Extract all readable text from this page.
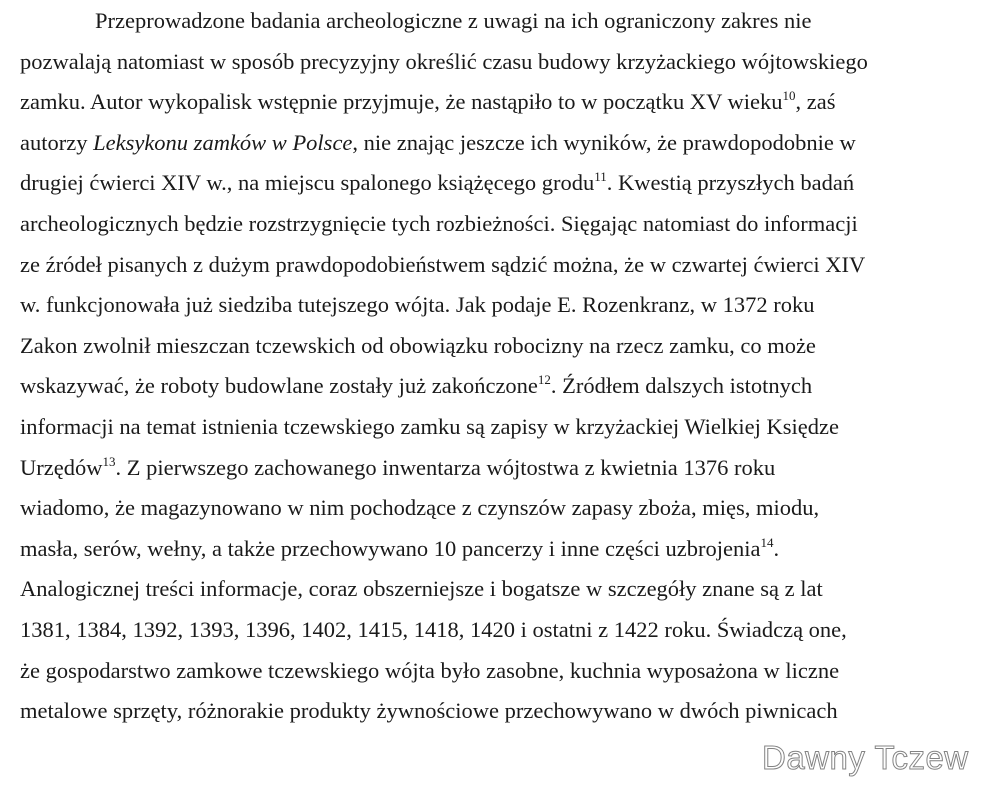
Przeprowadzone badania archeologiczne z uwagi na ich ograniczony zakres nie
pozwalają natomiast w sposób precyzyjny określić czasu budowy krzyżackiego wójtowskiego
zamku. Autor wykopalisk wstępnie przyjmuje, że nastąpiło to w początku XV wieku$^{10}$, zaś
autorzy Leksykonu zamków w Polsce, nie znając jeszcze ich wyników, że prawdopodobnie w
drugiej ćwierci XIV w., na miejscu spalonego książęcego grodu$^{11}$. Kwestią przyszłych badań
archeologicznych będzie rozstrzygnięcie tych rozbieżności. Sięgając natomiast do informacji
ze źródeł pisanych z dużym prawdopodobieństwem sądzić można, że w czwartej ćwierci XIV
w. funkcjonowała już siedziba tutejszego wójta. Jak podaje E. Rozenkranz, w 1372 roku
Zakon zwolnił mieszczan tczewskich od obowiązku robocizny na rzecz zamku, co może
wskazywać, że roboty budowlane zostały już zakończone$^{12}$. Źródłem dalszych istotnych
informacji na temat istnienia tczewskiego zamku są zapisy w krzyżackiej Wielkiej Księdze
Urzędów$^{13}$. Z pierwszego zachowanego inwentarza wójtostwa z kwietnia 1376 roku
wiadomo, że magazynowano w nim pochodzące z czynszów zapasy zboża, mięs, miodu,
masła, serów, wełny, a także przechowywano 10 pancerzy i inne części uzbrojenia$^{14}$.
Analogicznej treści informacje, coraz obszerniejsze i bogatsze w szczegóły znane są z lat
1381, 1384, 1392, 1393, 1396, 1402, 1415, 1418, 1420 i ostatni z 1422 roku. Świadczą one,
że gospodarstwo zamkowe tczewskiego wójta było zasobne, kuchnia wyposażona w liczne
metalowe sprzęty, różnorakie produkty żywnościowe przechowywano w dwóch piwnicach
Dawny Tczew
